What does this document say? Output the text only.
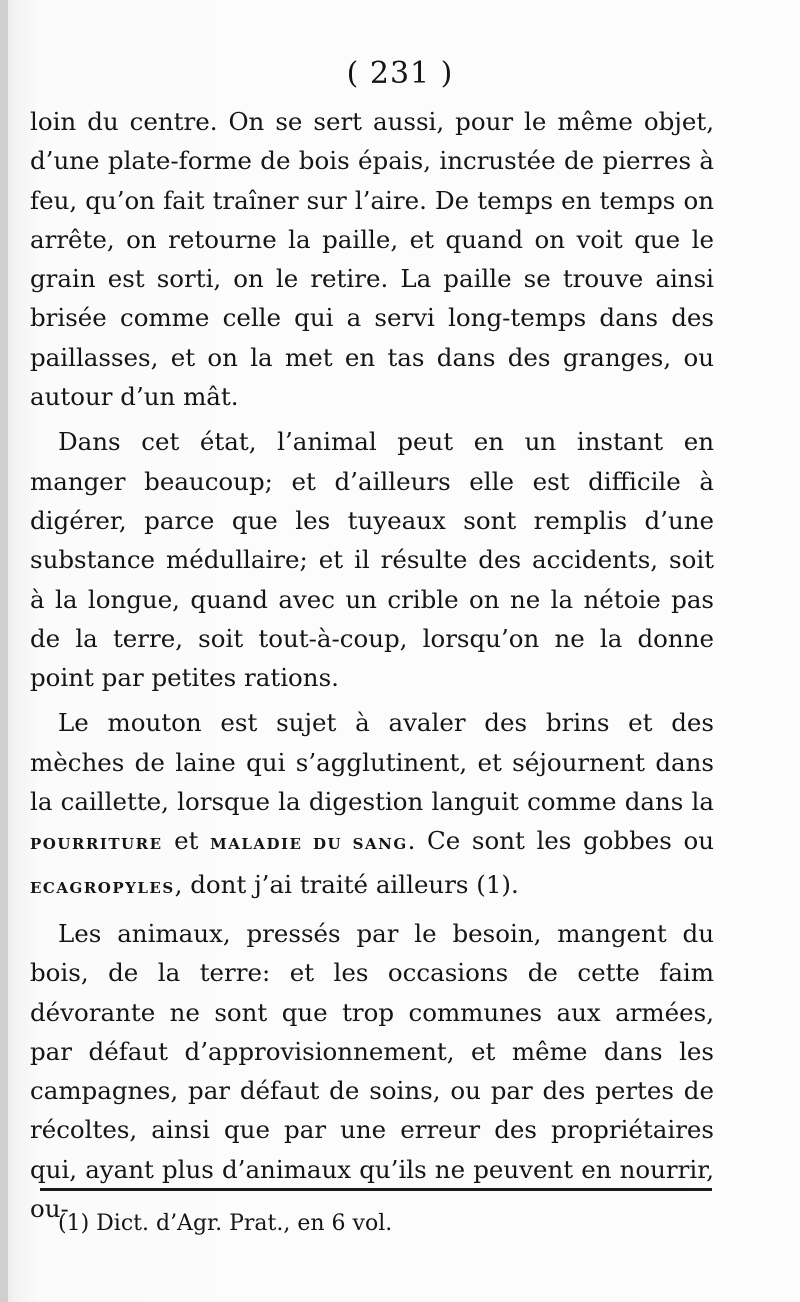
( 231 )

loin du centre. On se sert aussi, pour le même objet, d’une plate-forme de bois épais, incrustée de pierres à feu, qu’on fait traîner sur l’aire. De temps en temps on arrête, on retourne la paille, et quand on voit que le grain est sorti, on le retire. La paille se trouve ainsi brisée comme celle qui a servi long-temps dans des paillasses, et on la met en tas dans des granges, ou autour d’un mât.

Dans cet état, l’animal peut en un instant en manger beaucoup; et d’ailleurs elle est difficile à digérer, parce que les tuyeaux sont remplis d’une substance médullaire; et il résulte des accidents, soit à la longue, quand avec un crible on ne la nétoie pas de la terre, soit tout-à-coup, lorsqu’on ne la donne point par petites rations.

Le mouton est sujet à avaler des brins et des mèches de laine qui s’agglutinent, et séjournent dans la caillette, lorsque la digestion languit comme dans la POURRITURE et MALADIE DU SANG. Ce sont les gobbes ou ECAGROPYLES, dont j’ai traité ailleurs (1).

Les animaux, pressés par le besoin, mangent du bois, de la terre: et les occasions de cette faim dévorante ne sont que trop communes aux armées, par défaut d’approvisionnement, et même dans les campagnes, par défaut de soins, ou par des pertes de récoltes, ainsi que par une erreur des propriétaires qui, ayant plus d’animaux qu’ils ne peuvent en nourrir, ou-

(1) Dict. d’Agr. Prat., en 6 vol.
